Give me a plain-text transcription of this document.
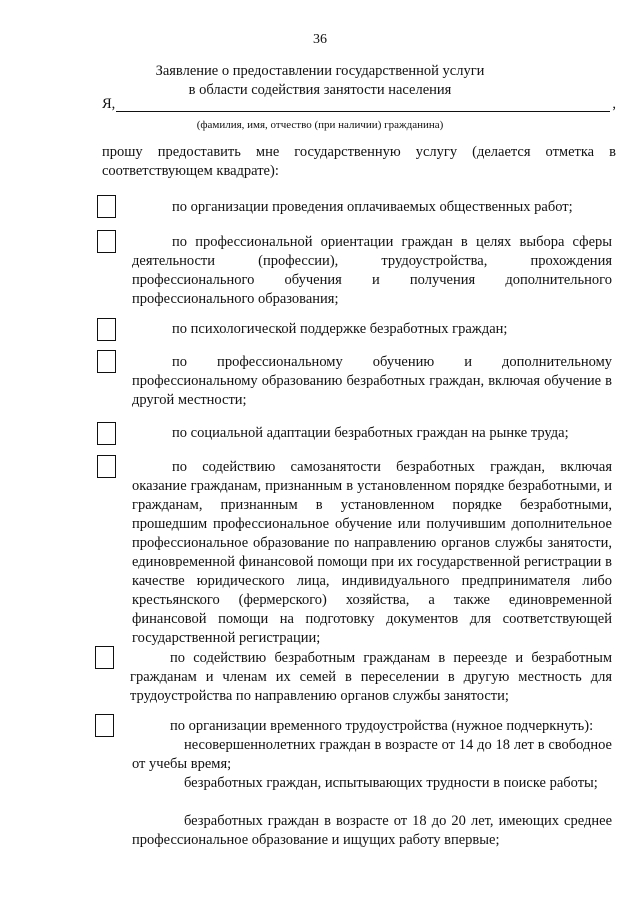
36
Заявление о предоставлении государственной услуги
в области содействия занятости населения
Я,	,
(фамилия, имя, отчество (при наличии) гражданина)
прошу предоставить мне государственную услугу (делается отметка в соответствующем квадрате):
по организации проведения оплачиваемых общественных работ;
по профессиональной ориентации граждан в целях выбора сферы деятельности (профессии), трудоустройства, прохождения профессионального обучения и получения дополнительного профессионального образования;
по психологической поддержке безработных граждан;
по профессиональному обучению и дополнительному профессиональному образованию безработных граждан, включая обучение в другой местности;
по социальной адаптации безработных граждан на рынке труда;
по содействию самозанятости безработных граждан, включая оказание гражданам, признанным в установленном порядке безработными, и гражданам, признанным в установленном порядке безработными, прошедшим профессиональное обучение или получившим дополнительное профессиональное образование по направлению органов службы занятости, единовременной финансовой помощи при их государственной регистрации в качестве юридического лица, индивидуального предпринимателя либо крестьянского (фермерского) хозяйства, а также единовременной финансовой помощи на подготовку документов для соответствующей государственной регистрации;
по содействию безработным гражданам в переезде и безработным гражданам и членам их семей в переселении в другую местность для трудоустройства по направлению органов службы занятости;
по организации временного трудоустройства (нужное подчеркнуть):
несовершеннолетних граждан в возрасте от 14 до 18 лет в свободное от учебы время;
безработных граждан, испытывающих трудности в поиске работы;
безработных граждан в возрасте от 18 до 20 лет, имеющих среднее профессиональное образование и ищущих работу впервые;
